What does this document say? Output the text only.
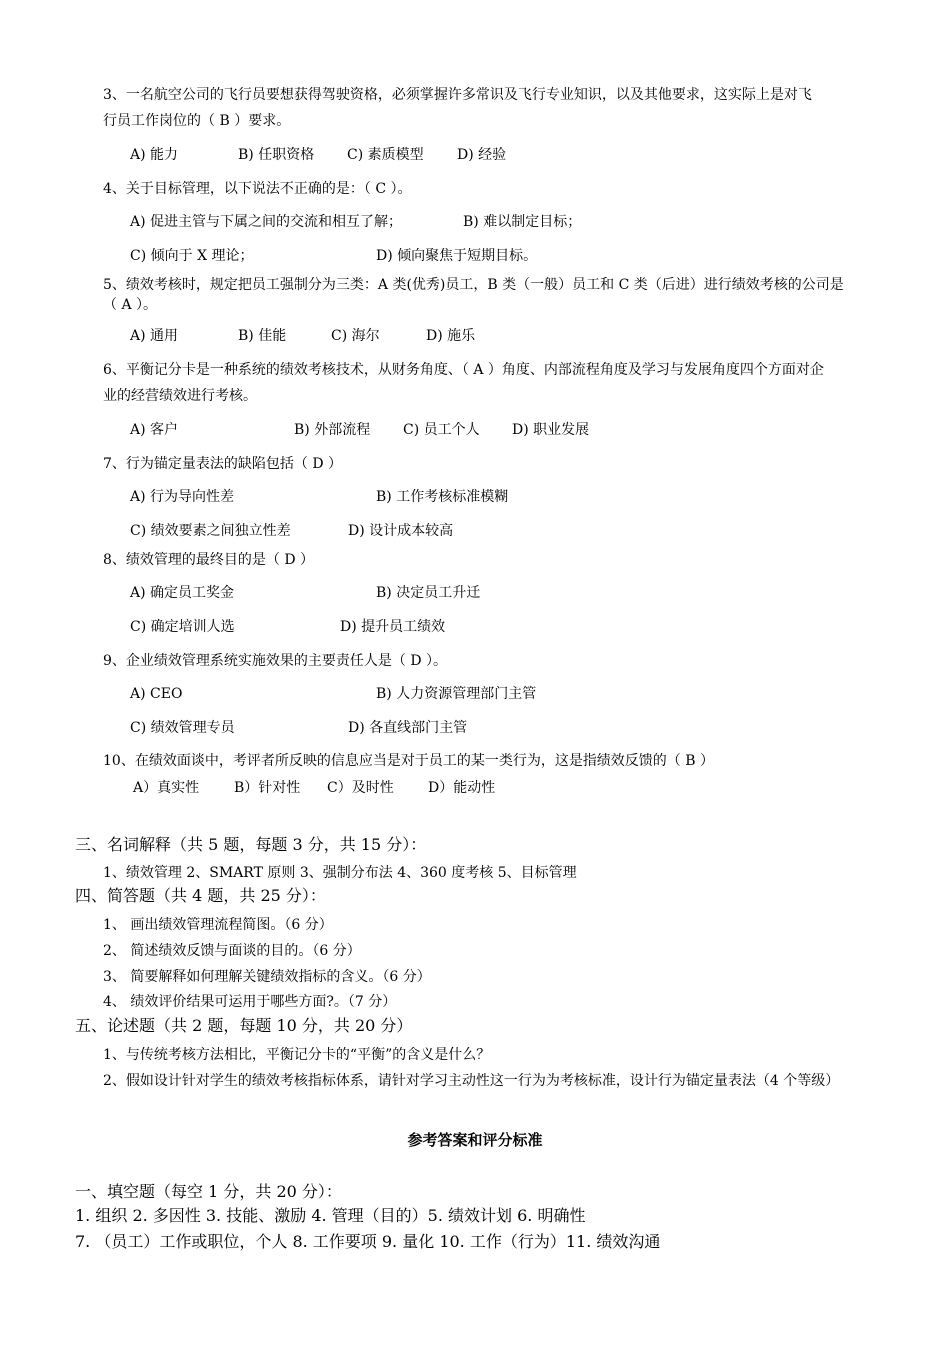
3、一名航空公司的飞行员要想获得驾驶资格，必须掌握许多常识及飞行专业知识，以及其他要求，这实际上是对飞
行员工作岗位的（ B ）要求。
A) 能力	B) 任职资格 C) 素质模型 D) 经验
4、关于目标管理，以下说法不正确的是：（ C ）。
A) 促进主管与下属之间的交流和相互了解；	B) 难以制定目标；
C) 倾向于 X 理论；	D) 倾向聚焦于短期目标。
5、绩效考核时，规定把员工强制分为三类：A 类(优秀)员工，B 类（一般）员工和 C 类（后进）进行绩效考核的公司是
（ A ）。
A) 通用	B) 佳能	C) 海尔	D) 施乐
6、平衡记分卡是一种系统的绩效考核技术，从财务角度、（ A ）角度、内部流程角度及学习与发展角度四个方面对企
业的经营绩效进行考核。
A) 客户	B) 外部流程 C) 员工个人 D) 职业发展
7、行为锚定量表法的缺陷包括（ D ）
A) 行为导向性差	B) 工作考核标准模糊
C) 绩效要素之间独立性差	D) 设计成本较高
8、绩效管理的最终目的是（ D ）
A) 确定员工奖金	B) 决定员工升迁
C) 确定培训人选	D) 提升员工绩效
9、企业绩效管理系统实施效果的主要责任人是（ D ）。
A) CEO	B) 人力资源管理部门主管
C) 绩效管理专员	D) 各直线部门主管
10、在绩效面谈中，考评者所反映的信息应当是对于员工的某一类行为，这是指绩效反馈的（ B ）
A）真实性 B）针对性 C）及时性 D）能动性
三、名词解释（共 5 题，每题 3 分，共 15 分）：
1、绩效管理 2、SMART 原则 3、强制分布法 4、360 度考核 5、目标管理
四、简答题（共 4 题，共 25 分）：
1、 画出绩效管理流程简图。（6 分）
2、 简述绩效反馈与面谈的目的。（6 分）
3、 简要解释如何理解关键绩效指标的含义。（6 分）
4、 绩效评价结果可运用于哪些方面?。（7 分）
五、论述题（共 2 题，每题 10 分，共 20 分）
1、与传统考核方法相比，平衡记分卡的“平衡”的含义是什么？
2、假如设计针对学生的绩效考核指标体系，请针对学习主动性这一行为为考核标准，设计行为锚定量表法（4 个等级）
参考答案和评分标准
一、填空题（每空 1 分，共 20 分）：
1. 组织 2. 多因性 3. 技能、激励 4. 管理（目的）5. 绩效计划 6. 明确性
7. （员工）工作或职位，个人 8. 工作要项 9. 量化 10. 工作（行为）11. 绩效沟通
